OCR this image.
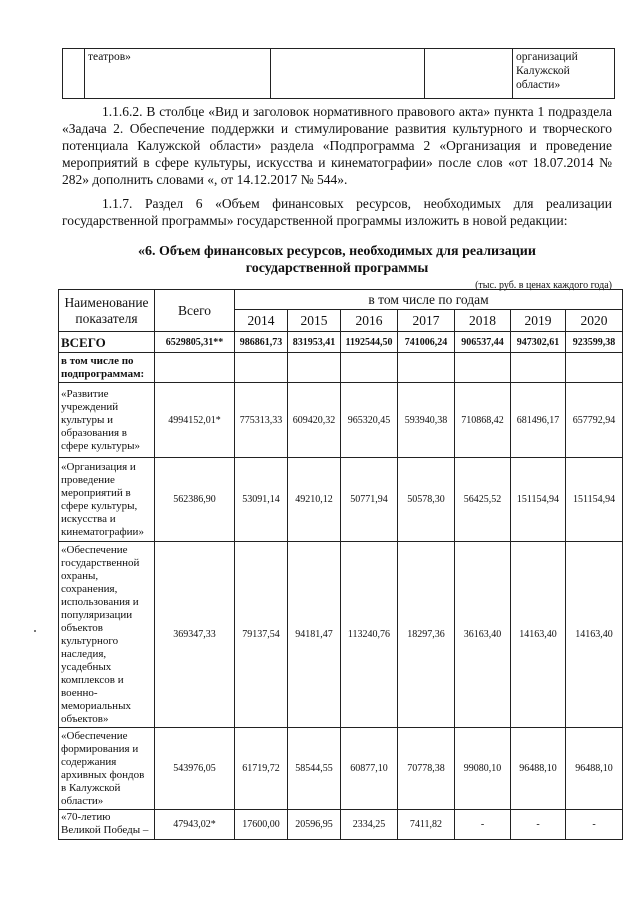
	театров»			организаций Калужской области»

1.1.6.2. В столбце «Вид и заголовок нормативного правового акта» пункта 1 подраздела «Задача 2. Обеспечение поддержки и стимулирование развития культурного и творческого потенциала Калужской области» раздела «Подпрограмма 2 «Организация и проведение мероприятий в сфере культуры, искусства и кинематографии» после слов «от 18.07.2014 № 282» дополнить словами «, от 14.12.2017 № 544».

1.1.7. Раздел 6 «Объем финансовых ресурсов, необходимых для реализации государственной программы» государственной программы изложить в новой редакции:

«6. Объем финансовых ресурсов, необходимых для реализации

государственной программы

(тыс. руб. в ценах каждого года)
Наименование показателя	Всего	в том числе по годам						
		2014	2015	2016	2017	2018	2019	2020
ВСЕГО	6529805,31**	986861,73	831953,41	1192544,50	741006,24	906537,44	947302,61	923599,38
в том числе по подпрограммам:								
«Развитие учреждений культуры и образования в сфере культуры»	4994152,01*	775313,33	609420,32	965320,45	593940,38	710868,42	681496,17	657792,94
«Организация и проведение мероприятий в сфере культуры, искусства и кинематографии»	562386,90	53091,14	49210,12	50771,94	50578,30	56425,52	151154,94	151154,94
«Обеспечение государственной охраны, сохранения, использования и популяризации объектов культурного наследия, усадебных комплексов и военно-мемориальных объектов»	369347,33	79137,54	94181,47	113240,76	18297,36	36163,40	14163,40	14163,40
«Обеспечение формирования и содержания архивных фондов в Калужской области»	543976,05	61719,72	58544,55	60877,10	70778,38	99080,10	96488,10	96488,10
«70-летию Великой Победы –	47943,02*	17600,00	20596,95	2334,25	7411,82	-	-	-
